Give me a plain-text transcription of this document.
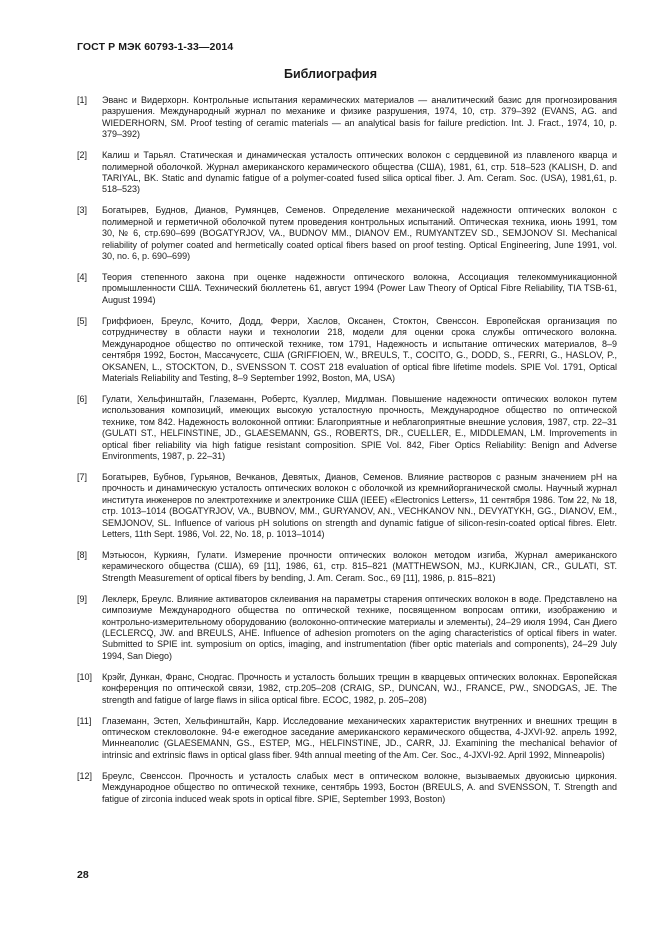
ГОСТ Р МЭК 60793-1-33—2014
Библиография
[1]	Эванс и Видерхорн. Контрольные испытания керамических материалов — аналитический базис для прогнозирования разрушения. Международный журнал по механике и физике разрушения, 1974, 10, стр. 379–392 (EVANS, AG. and WIEDERHORN, SM. Proof testing of ceramic materials — an analytical basis for failure prediction. Int. J. Fract., 1974, 10, p. 379–392)
[2]	Калиш и Тарьял. Статическая и динамическая усталость оптических волокон с сердцевиной из плавленого кварца и полимерной оболочкой. Журнал американского керамического общества (США), 1981, 61, стр. 518–523 (KALISH, D. and TARIYAL, BK. Static and dynamic fatigue of a polymer-coated fused silica optical fiber. J. Am. Ceram. Soc. (USA), 1981,61, p. 518–523)
[3]	Богатырев, Буднов, Дианов, Румянцев, Семенов. Определение механической надежности оптических волокон с полимерной и герметичной оболочкой путем проведения контрольных испытаний. Оптическая техника, июнь 1991, том 30, № 6, стр.690–699 (BOGATYRJOV, VA., BUDNOV MM., DIANOV EM., RUMYANTZEV SD., SEMJONOV SI. Mechanical reliability of polymer coated and hermetically coated optical fibers based on proof testing. Optical Engineering, June 1991, vol. 30, no. 6, p. 690–699)
[4]	Теория степенного закона при оценке надежности оптического волокна, Ассоциация телекоммуникационной промышленности США. Технический бюллетень 61, август 1994 (Power Law Theory of Optical Fibre Reliability, TIA TSB-61, August 1994)
[5]	Гриффиоен, Бреулс, Кочито, Додд, Ферри, Хаслов, Оксанен, Стоктон, Свенссон. Европейская организация по сотрудничеству в области науки и технологии 218, модели для оценки срока службы оптического волокна. Международное общество по оптической технике, том 1791, Надежность и испытание оптических материалов, 8–9 сентября 1992, Бостон, Массачусетс, США (GRIFFIOEN, W., BREULS, T., COCITO, G., DODD, S., FERRI, G., HASLOV, P., OKSANEN, L., STOCKTON, D., SVENSSON T. COST 218 evaluation of optical fibre lifetime models. SPIE Vol. 1791, Optical Materials Reliability and Testing, 8–9 September 1992, Boston, MA, USA)
[6]	Гулати, Хельфинштайн, Глаземанн, Робертс, Куэллер, Мидлман. Повышение надежности оптических волокон путем использования композиций, имеющих высокую усталостную прочность, Международное общество по оптической технике, том 842. Надежность волоконной оптики: Благоприятные и неблагоприятные внешние условия, 1987, стр. 22–31 (GULATI ST., HELFINSTINE, JD., GLAESEMANN, GS., ROBERTS, DR., CUELLER, E., MIDDLEMAN, LM. Improvements in optical fiber reliability via high fatigue resistant composition. SPIE Vol. 842, Fiber Optics Reliability: Benign and Adverse Environments, 1987, p. 22–31)
[7]	Богатырев, Бубнов, Гурьянов, Вечканов, Девятых, Дианов, Семенов. Влияние растворов с разным значением pH на прочность и динамическую усталость оптических волокон с оболочкой из кремнийорганической смолы. Научный журнал института инженеров по электротехнике и электронике США (IEEE) «Electronics Letters», 11 сентября 1986. Том 22, № 18, стр. 1013–1014 (BOGATYRJOV, VA., BUBNOV, MM., GURYANOV, AN., VECHKANOV NN., DEVYATYKH, GG., DIANOV, EM., SEMJONOV, SL. Influence of various pH solutions on strength and dynamic fatigue of silicon-resin-coated optical fibres. Eletr. Letters, 11th Sept. 1986, Vol. 22, No. 18, p. 1013–1014)
[8]	Мэтьюсон, Куркиян, Гулати. Измерение прочности оптических волокон методом изгиба, Журнал американского керамического общества (США), 69 [11], 1986, 61, стр. 815–821 (MATTHEWSON, MJ., KURKJIAN, CR., GULATI, ST. Strength Measurement of optical fibers by bending, J. Am. Ceram. Soc., 69 [11], 1986, p. 815–821)
[9]	Леклерк, Бреулс. Влияние активаторов склеивания на параметры старения оптических волокон в воде. Представлено на симпозиуме Международного общества по оптической технике, посвященном вопросам оптики, изображению и контрольно-измерительному оборудованию (волоконно-оптические материалы и элементы), 24–29 июля 1994, Сан Диего (LECLERCQ, JW. and BREULS, AHE. Influence of adhesion promoters on the aging characteristics of optical fibers in water. Submitted to SPIE int. symposium on optics, imaging, and instrumentation (fiber optic materials and components), 24–29 July 1994, San Diego)
[10]	Крэйг, Дункан, Франс, Снодгас. Прочность и усталость больших трещин в кварцевых оптических волокнах. Европейская конференция по оптической связи, 1982, стр.205–208 (CRAIG, SP., DUNCAN, WJ., FRANCE, PW., SNODGAS, JE. The strength and fatigue of large flaws in silica optical fibre. ECOC, 1982, p. 205–208)
[11]	Глаземанн, Эстеп, Хельфинштайн, Карр. Исследование механических характеристик внутренних и внешних трещин в оптическом стекловолокне. 94-е ежегодное заседание американского керамического общества, 4-JXVI-92. апрель 1992, Миннеаполис (GLAESEMANN, GS., ESTEP, MG., HELFINSTINE, JD., CARR, JJ. Examining the mechanical behavior of intrinsic and extrinsic flaws in optical glass fiber. 94th annual meeting of the Am. Cer. Soc., 4-JXVI-92. April 1992, Minneapolis)
[12]	Бреулс, Свенссон. Прочность и усталость слабых мест в оптическом волокне, вызываемых двуокисью циркония. Международное общество по оптической технике, сентябрь 1993, Бостон (BREULS, A. and SVENSSON, T. Strength and fatigue of zirconia induced weak spots in optical fibre. SPIE, September 1993, Boston)
28
